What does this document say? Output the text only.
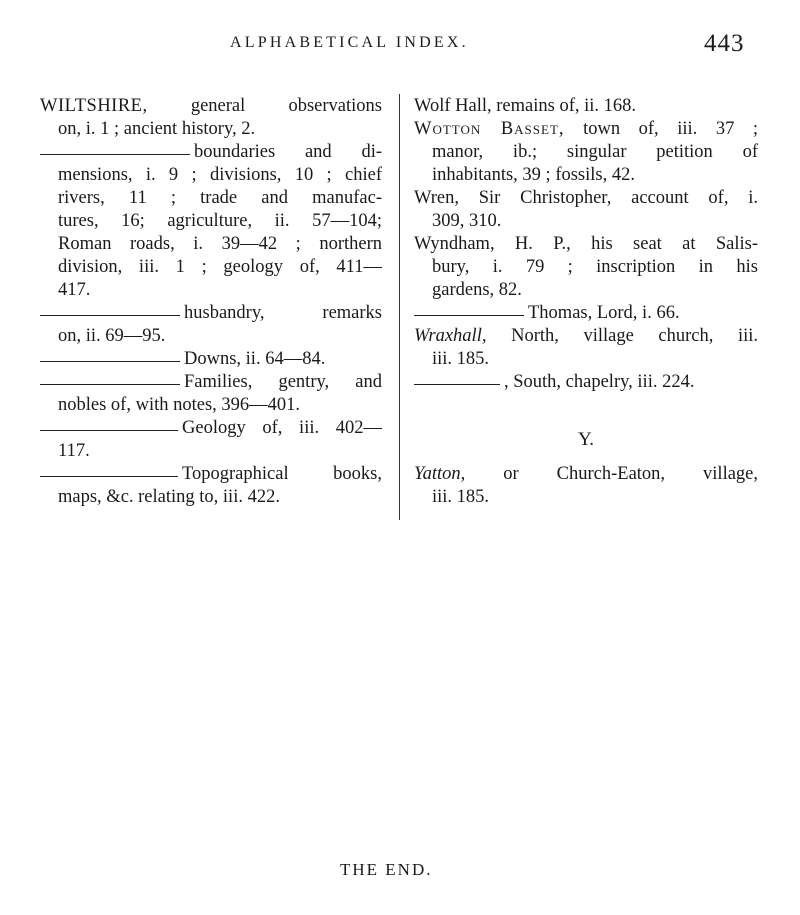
ALPHABETICAL INDEX.	443
WILTSHIRE, general observations
on, i. 1 ; ancient history, 2.
boundaries and di-
mensions, i. 9 ; divisions, 10 ; chief
rivers, 11 ; trade and manufac-
tures, 16; agriculture, ii. 57—104;
Roman roads, i. 39—42 ; northern
division, iii. 1 ; geology of, 411—
417.
husbandry, remarks
on, ii. 69—95.
Downs, ii. 64—84.
Families, gentry, and
nobles of, with notes, 396—401.
Geology of, iii. 402—
117.
Topographical books,
maps, &c. relating to, iii. 422.
Wolf Hall, remains of, ii. 168.
Wotton Basset, town of, iii. 37 ;
manor, ib.; singular petition of
inhabitants, 39 ; fossils, 42.
Wren, Sir Christopher, account of, i.
309, 310.
Wyndham, H. P., his seat at Salis-
bury, i. 79 ; inscription in his
gardens, 82.
Thomas, Lord, i. 66.
Wraxhall, North, village church, iii.
iii. 185.
, South, chapelry, iii. 224.
Y.
Yatton, or Church-Eaton, village,
iii. 185.
THE END.
